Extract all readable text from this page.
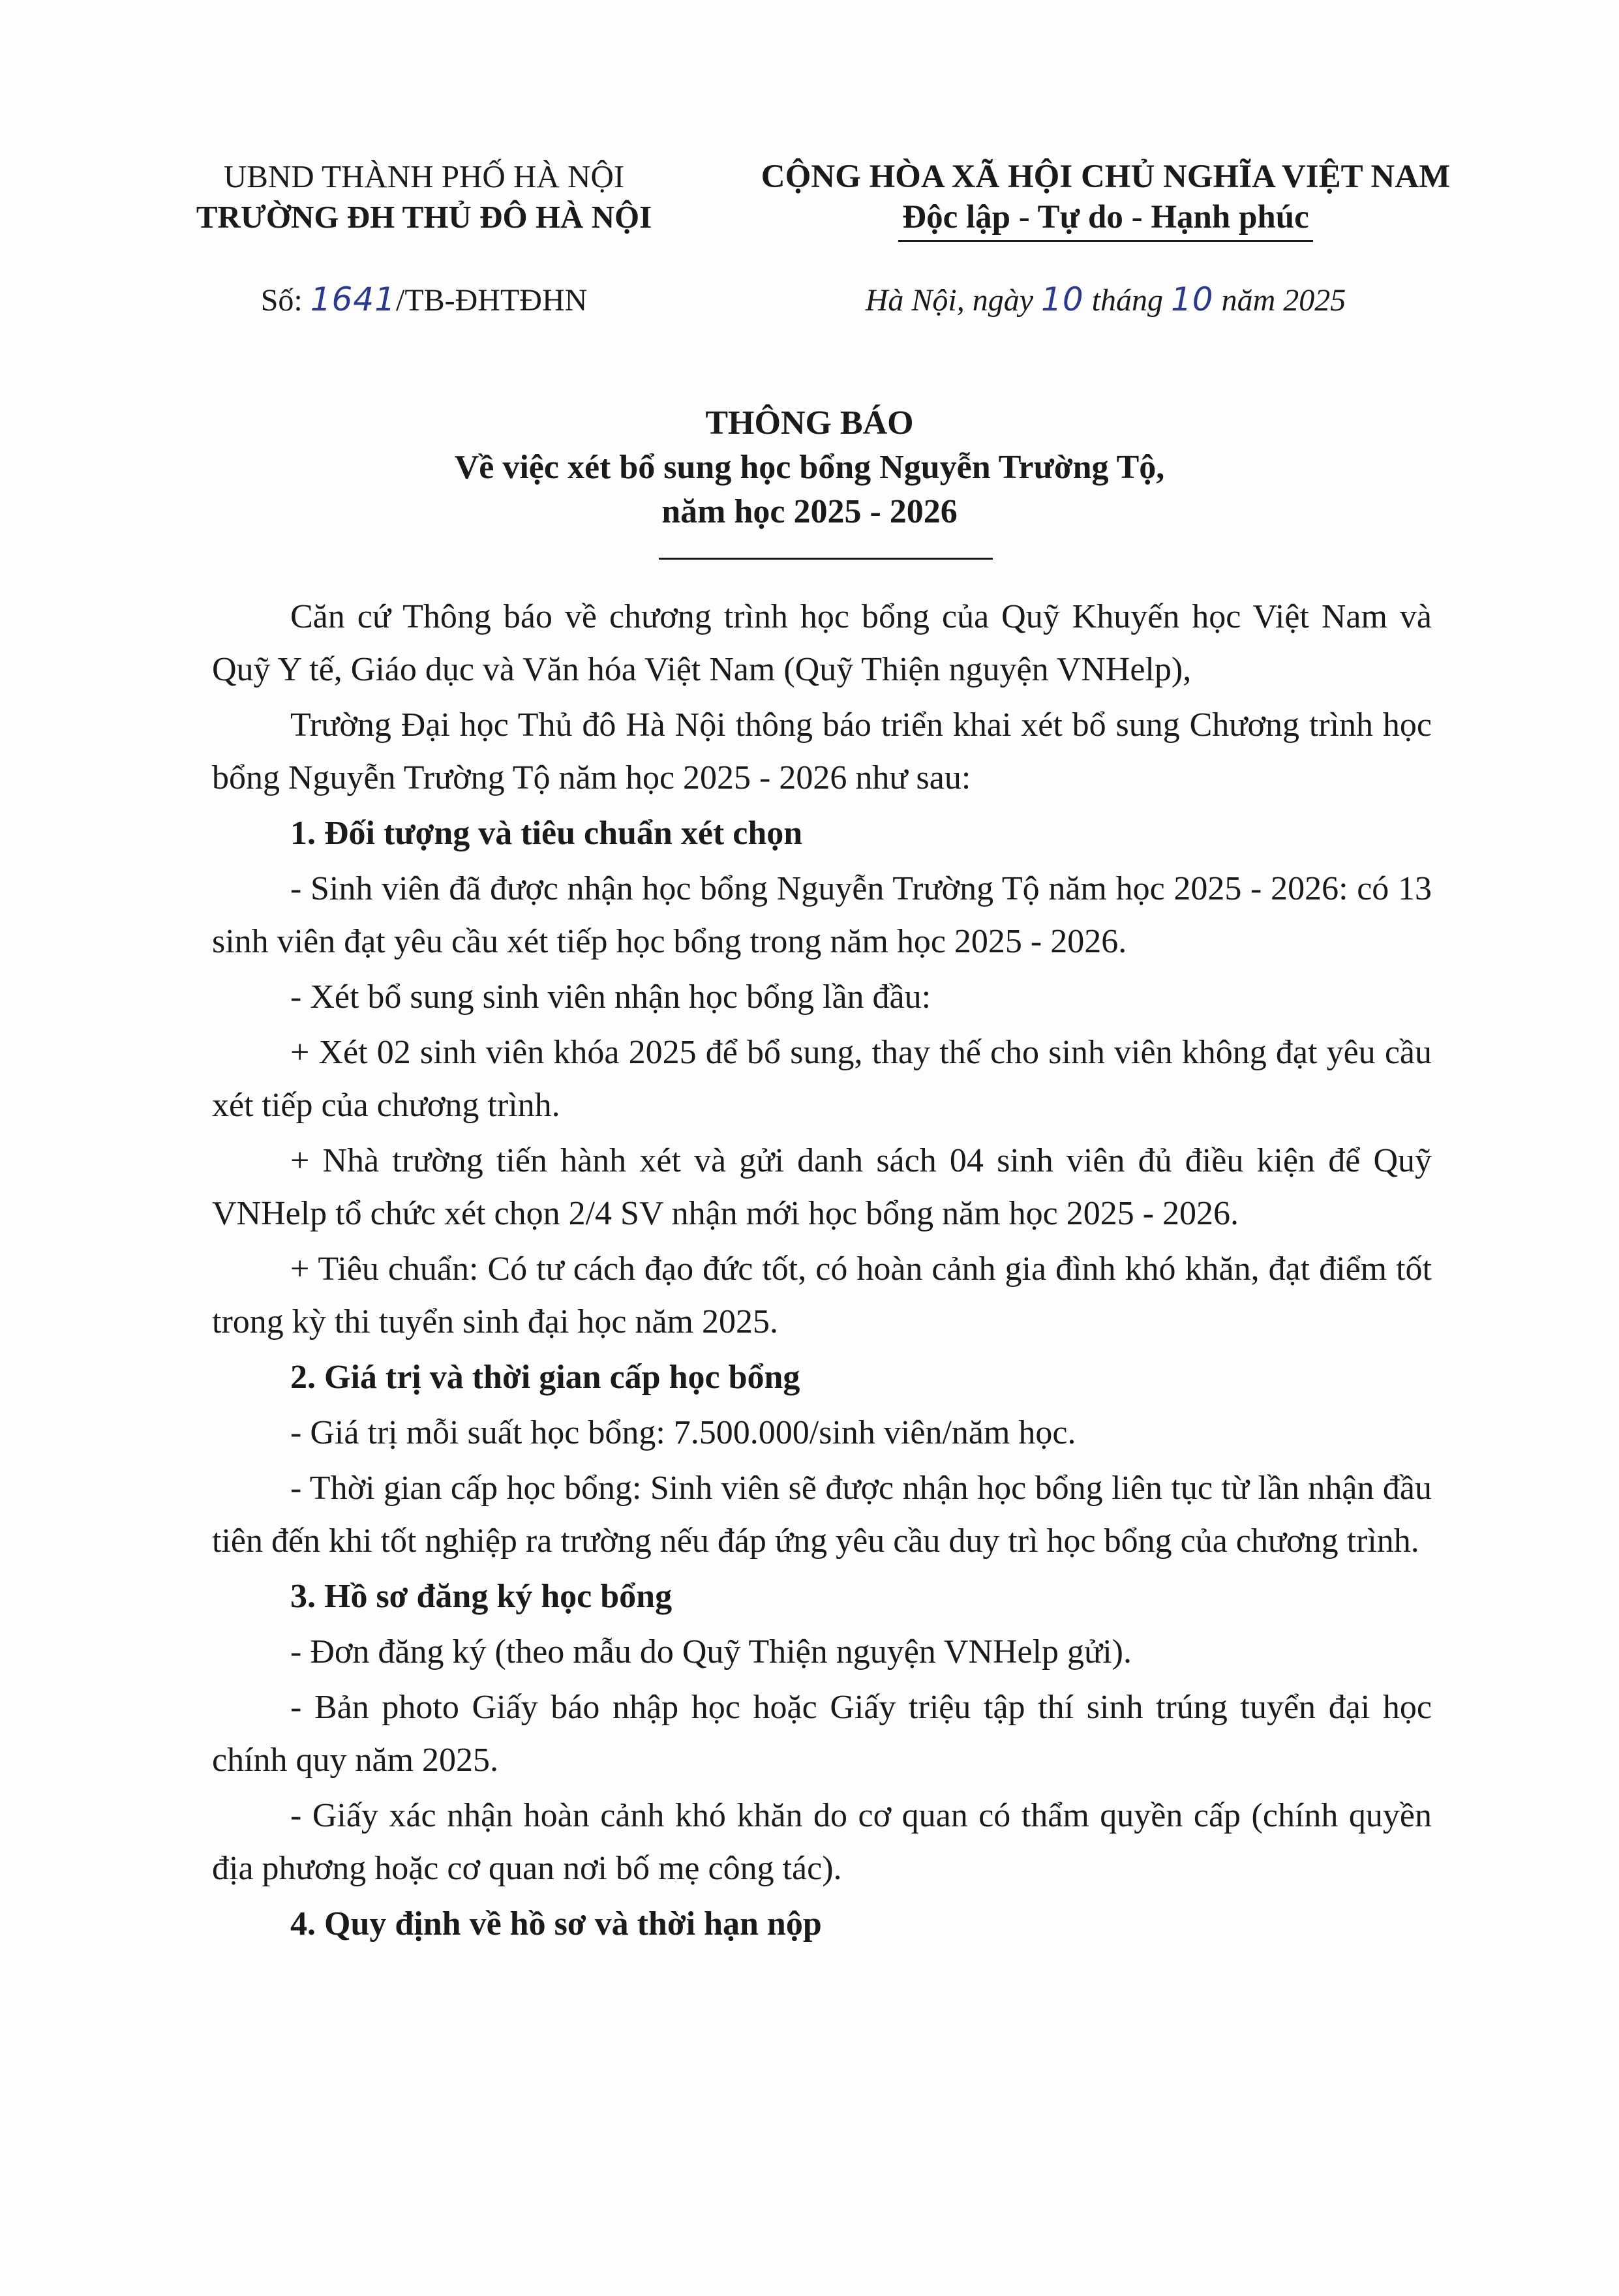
UBND THÀNH PHỐ HÀ NỘI
TRƯỜNG ĐH THỦ ĐÔ HÀ NỘI
CỘNG HÒA XÃ HỘI CHỦ NGHĨA VIỆT NAM
Độc lập - Tự do - Hạnh phúc
Số: 1641/TB-ĐHTĐHN	Hà Nội, ngày 10 tháng 10 năm 2025
THÔNG BÁO
Về việc xét bổ sung học bổng Nguyễn Trường Tộ,
năm học 2025 - 2026

Căn cứ Thông báo về chương trình học bổng của Quỹ Khuyến học Việt Nam và Quỹ Y tế, Giáo dục và Văn hóa Việt Nam (Quỹ Thiện nguyện VNHelp),

Trường Đại học Thủ đô Hà Nội thông báo triển khai xét bổ sung Chương trình học bổng Nguyễn Trường Tộ năm học 2025 - 2026 như sau:

1. Đối tượng và tiêu chuẩn xét chọn

- Sinh viên đã được nhận học bổng Nguyễn Trường Tộ năm học 2025 - 2026: có 13 sinh viên đạt yêu cầu xét tiếp học bổng trong năm học 2025 - 2026.

- Xét bổ sung sinh viên nhận học bổng lần đầu:

+ Xét 02 sinh viên khóa 2025 để bổ sung, thay thế cho sinh viên không đạt yêu cầu xét tiếp của chương trình.

+ Nhà trường tiến hành xét và gửi danh sách 04 sinh viên đủ điều kiện để Quỹ VNHelp tổ chức xét chọn 2/4 SV nhận mới học bổng năm học 2025 - 2026.

+ Tiêu chuẩn: Có tư cách đạo đức tốt, có hoàn cảnh gia đình khó khăn, đạt điểm tốt trong kỳ thi tuyển sinh đại học năm 2025.

2. Giá trị và thời gian cấp học bổng

- Giá trị mỗi suất học bổng: 7.500.000/sinh viên/năm học.

- Thời gian cấp học bổng: Sinh viên sẽ được nhận học bổng liên tục từ lần nhận đầu tiên đến khi tốt nghiệp ra trường nếu đáp ứng yêu cầu duy trì học bổng của chương trình.

3. Hồ sơ đăng ký học bổng

- Đơn đăng ký (theo mẫu do Quỹ Thiện nguyện VNHelp gửi).

- Bản photo Giấy báo nhập học hoặc Giấy triệu tập thí sinh trúng tuyển đại học chính quy năm 2025.

- Giấy xác nhận hoàn cảnh khó khăn do cơ quan có thẩm quyền cấp (chính quyền địa phương hoặc cơ quan nơi bố mẹ công tác).

4. Quy định về hồ sơ và thời hạn nộp
